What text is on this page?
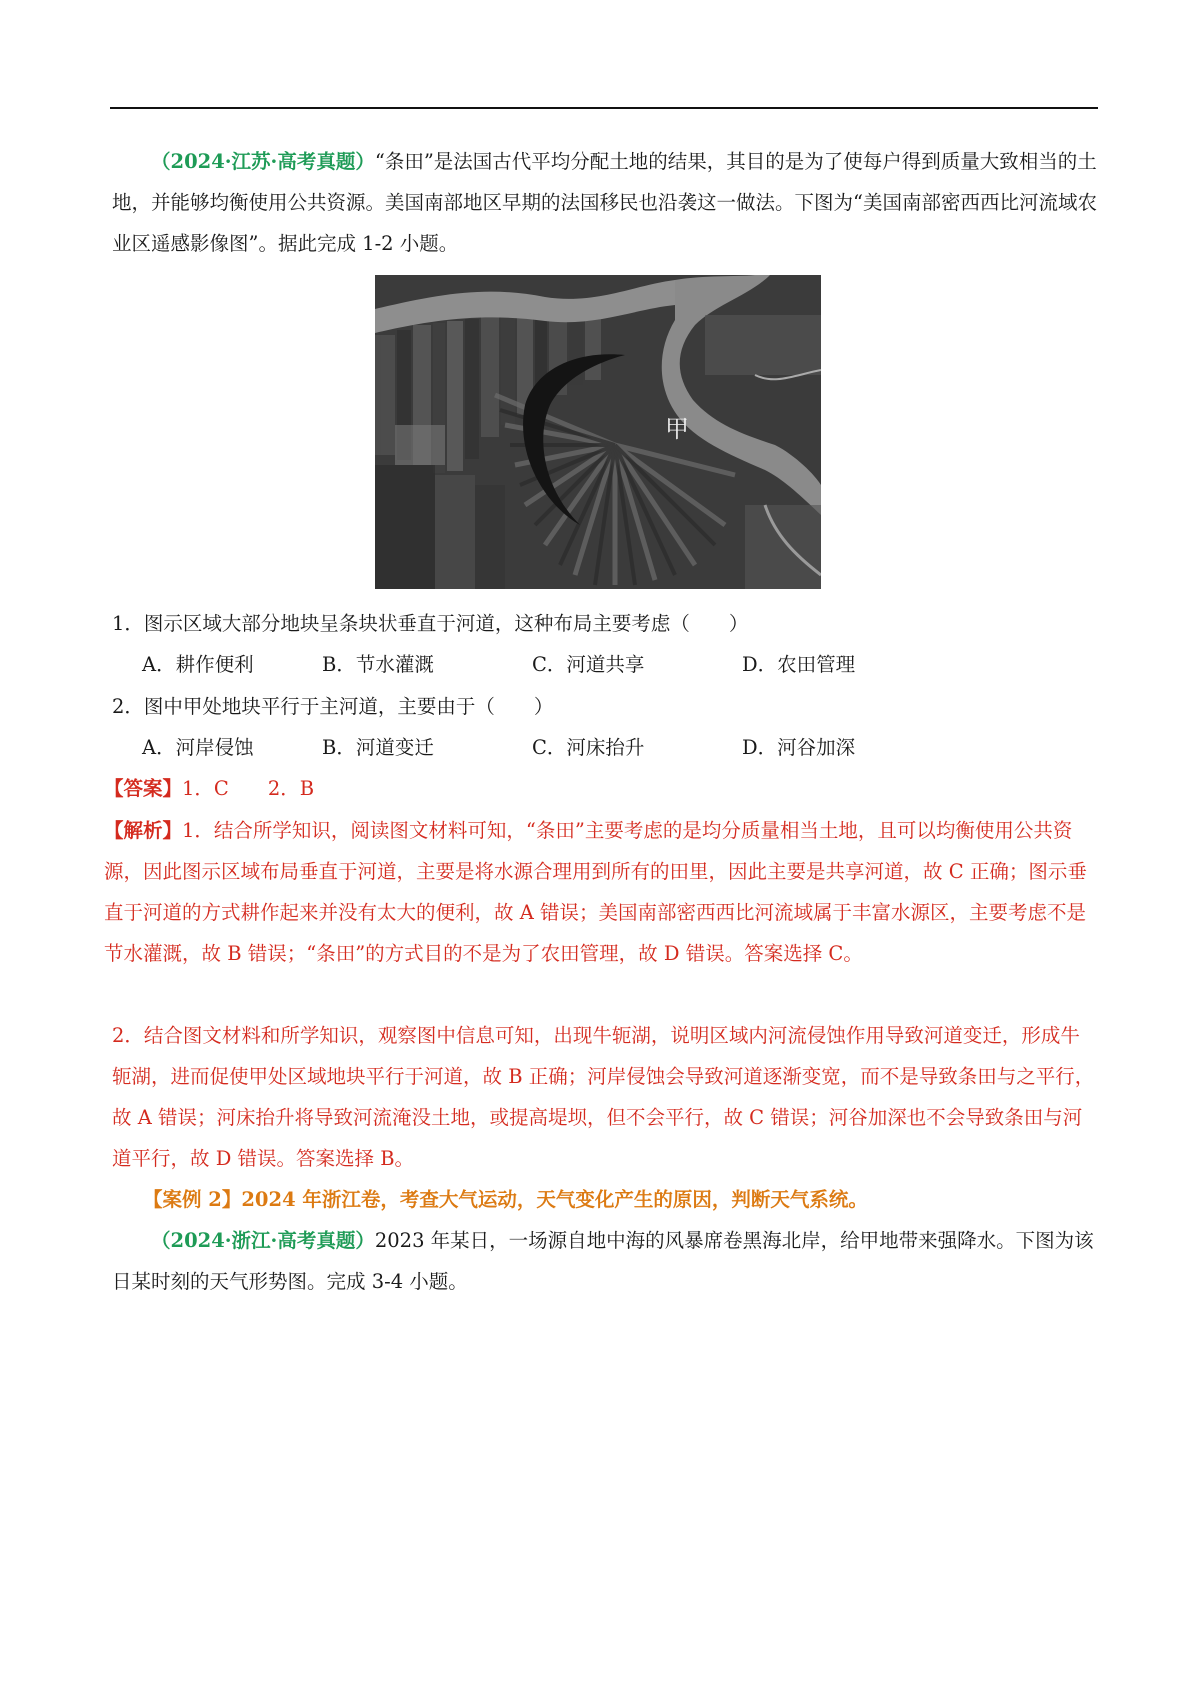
（2024·江苏·高考真题）“条田”是法国古代平均分配土地的结果，其目的是为了使每户得到质量大致相当的土地，并能够均衡使用公共资源。美国南部地区早期的法国移民也沿袭这一做法。下图为“美国南部密西西比河流域农业区遥感影像图”。据此完成 1-2 小题。
甲
1．图示区域大部分地块呈条块状垂直于河道，这种布局主要考虑（　　）
A．耕作便利	B．节水灌溉	C．河道共享	D．农田管理
2．图中甲处地块平行于主河道，主要由于（　　）
A．河岸侵蚀	B．河道变迁	C．河床抬升	D．河谷加深
【答案】1．C　　2．B
【解析】1．结合所学知识，阅读图文材料可知，“条田”主要考虑的是均分质量相当土地，且可以均衡使用公共资源，因此图示区域布局垂直于河道，主要是将水源合理用到所有的田里，因此主要是共享河道，故 C 正确；图示垂直于河道的方式耕作起来并没有太大的便利，故 A 错误；美国南部密西西比河流域属于丰富水源区，主要考虑不是节水灌溉，故 B 错误；“条田”的方式目的不是为了农田管理，故 D 错误。答案选择 C。
2．结合图文材料和所学知识，观察图中信息可知，出现牛轭湖，说明区域内河流侵蚀作用导致河道变迁，形成牛轭湖，进而促使甲处区域地块平行于河道，故 B 正确；河岸侵蚀会导致河道逐渐变宽，而不是导致条田与之平行，故 A 错误；河床抬升将导致河流淹没土地，或提高堤坝，但不会平行，故 C 错误；河谷加深也不会导致条田与河道平行，故 D 错误。答案选择 B。
【案例 2】2024 年浙江卷，考查大气运动，天气变化产生的原因，判断天气系统。
（2024·浙江·高考真题）2023 年某日，一场源自地中海的风暴席卷黑海北岸，给甲地带来强降水。下图为该日某时刻的天气形势图。完成 3-4 小题。
